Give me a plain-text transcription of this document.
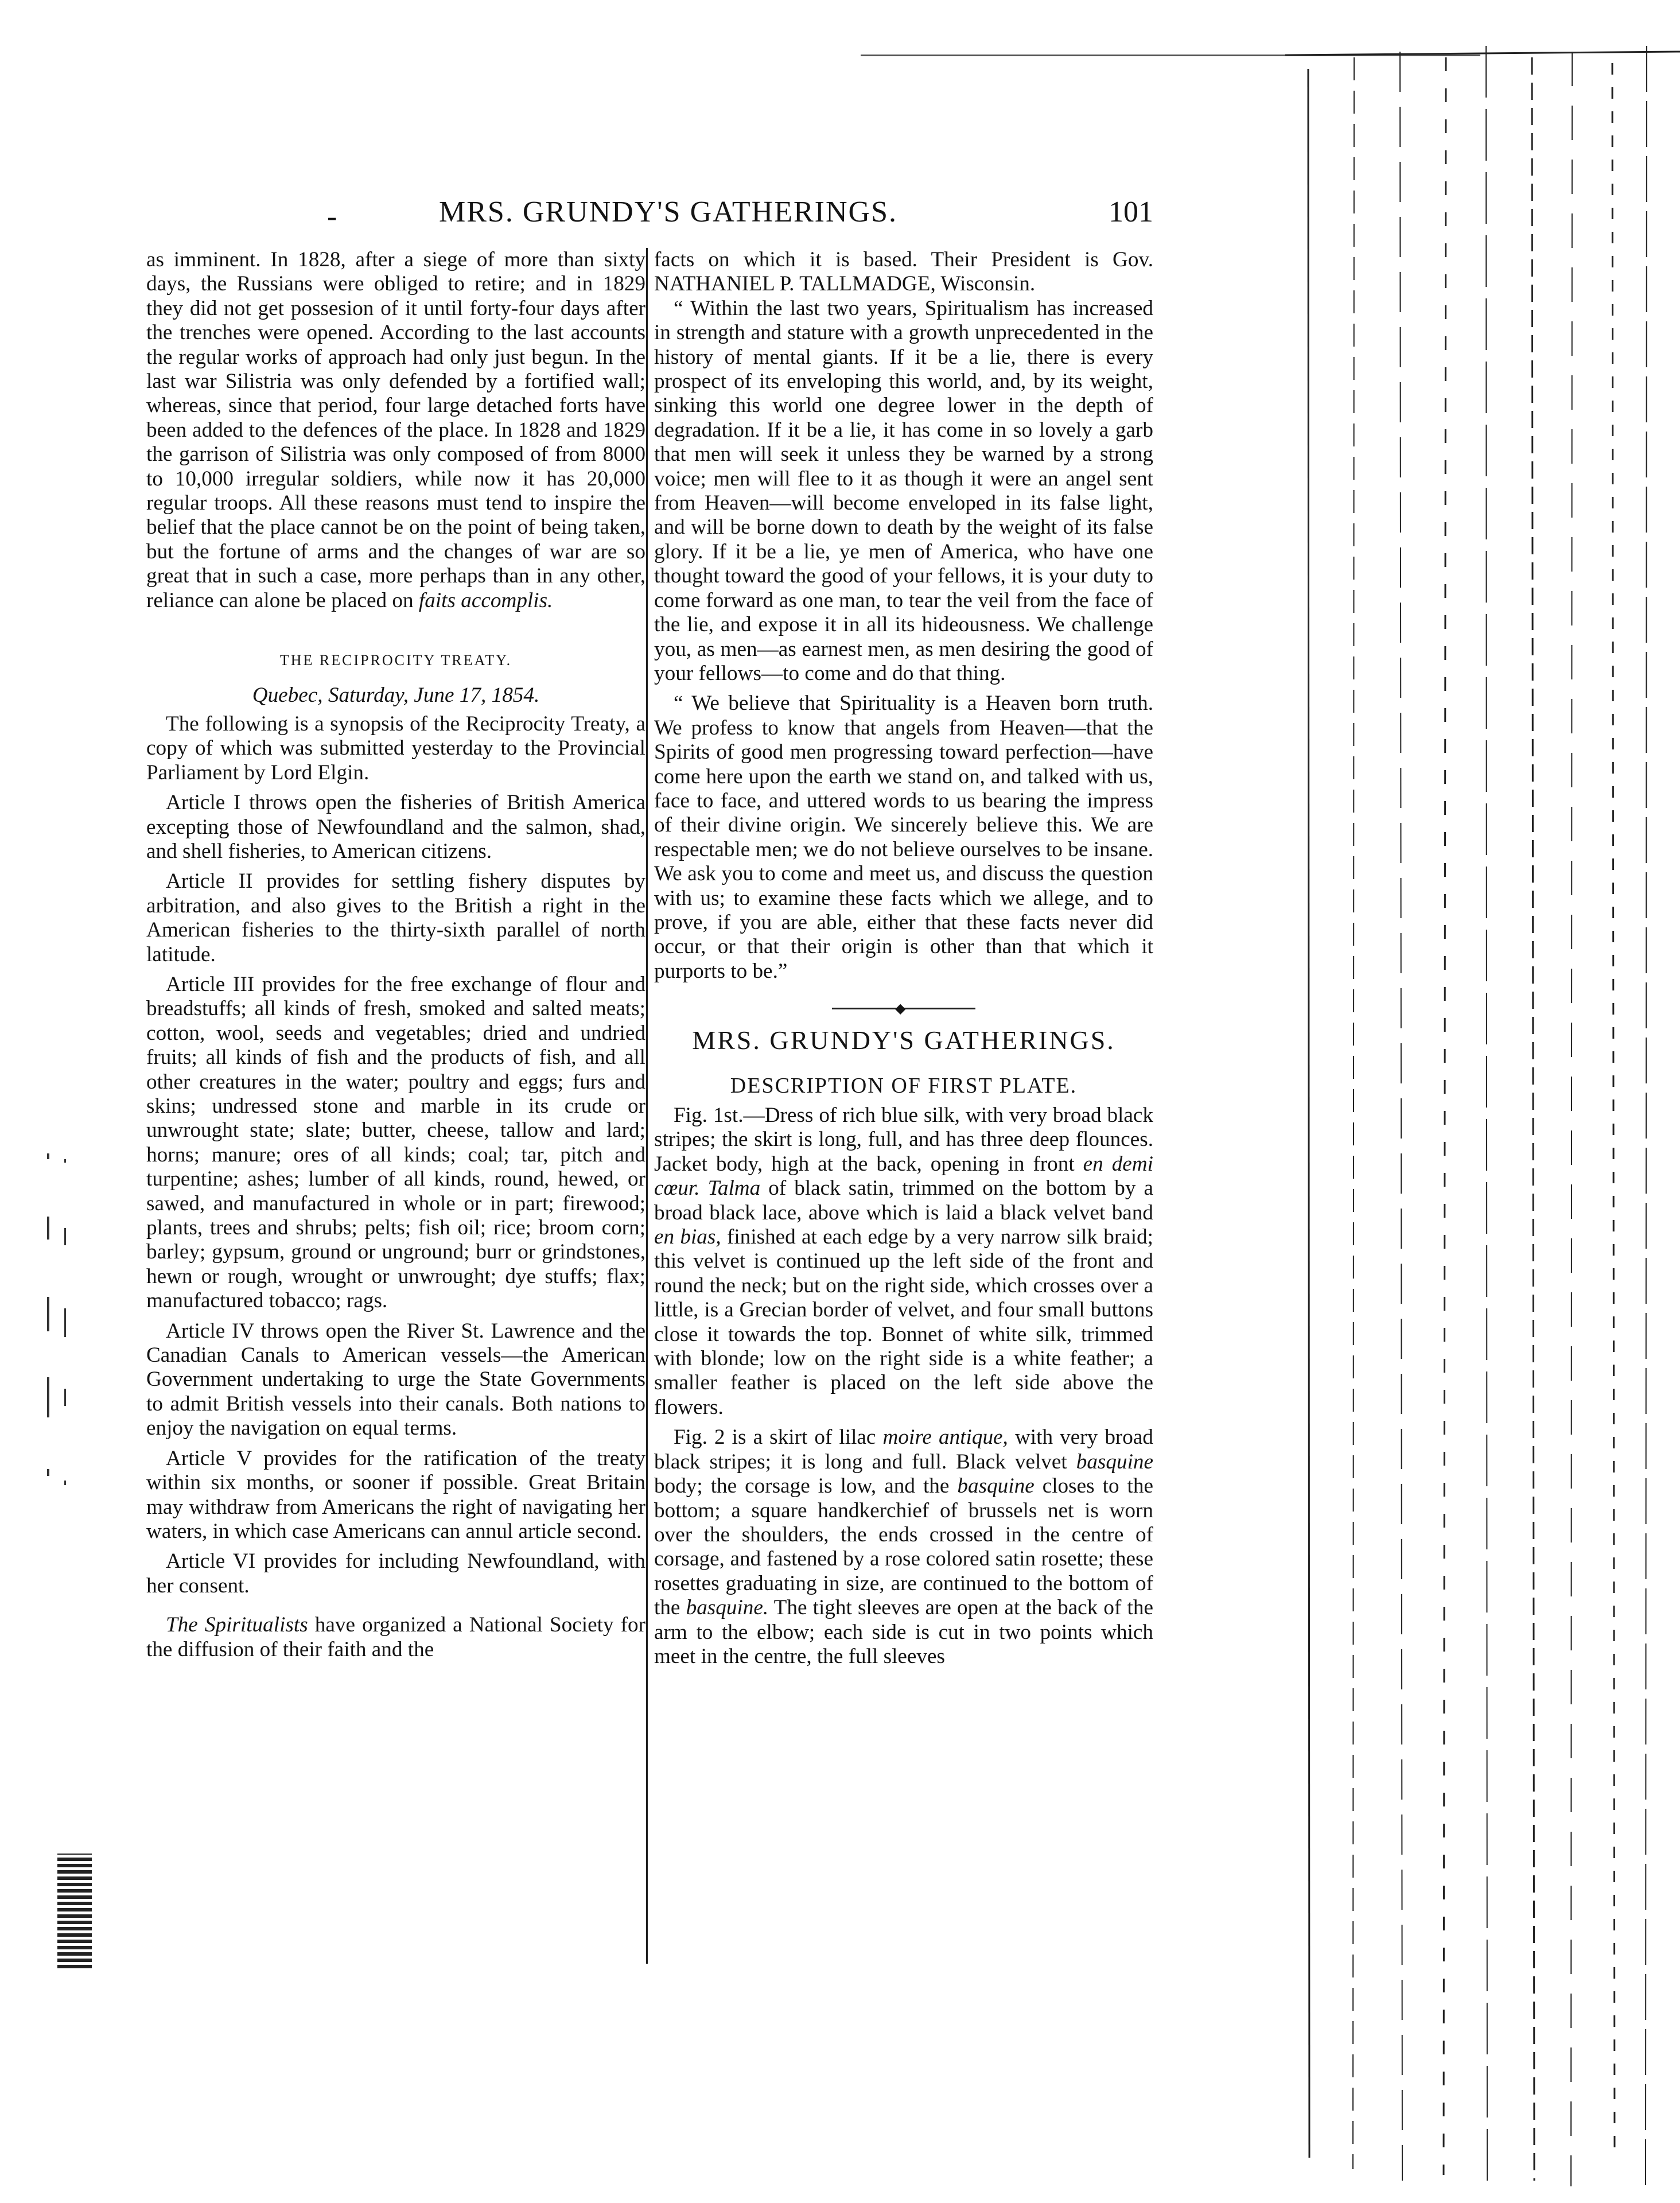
-	MRS. GRUNDY'S GATHERINGS.	101

as imminent. In 1828, after a siege of more than sixty days, the Russians were obliged to retire; and in 1829 they did not get possesion of it until forty-four days after the trenches were opened. According to the last accounts the regular works of approach had only just begun. In the last war Silistria was only defended by a fortified wall; whereas, since that period, four large detached forts have been added to the defences of the place. In 1828 and 1829 the garrison of Silistria was only composed of from 8000 to 10,000 irregular soldiers, while now it has 20,000 regular troops. All these reasons must tend to inspire the belief that the place cannot be on the point of being taken, but the fortune of arms and the changes of war are so great that in such a case, more perhaps than in any other, reliance can alone be placed on faits accomplis.

THE RECIPROCITY TREATY.
Quebec, Saturday, June 17, 1854.

The following is a synopsis of the Reciprocity Treaty, a copy of which was submitted yesterday to the Provincial Parliament by Lord Elgin.

Article I throws open the fisheries of British America excepting those of Newfoundland and the salmon, shad, and shell fisheries, to American citizens.

Article II provides for settling fishery disputes by arbitration, and also gives to the British a right in the American fisheries to the thirty-sixth parallel of north latitude.

Article III provides for the free exchange of flour and breadstuffs; all kinds of fresh, smoked and salted meats; cotton, wool, seeds and vegetables; dried and undried fruits; all kinds of fish and the products of fish, and all other creatures in the water; poultry and eggs; furs and skins; undressed stone and marble in its crude or unwrought state; slate; butter, cheese, tallow and lard; horns; manure; ores of all kinds; coal; tar, pitch and turpentine; ashes; lumber of all kinds, round, hewed, or sawed, and manufactured in whole or in part; firewood; plants, trees and shrubs; pelts; fish oil; rice; broom corn; barley; gypsum, ground or unground; burr or grindstones, hewn or rough, wrought or unwrought; dye stuffs; flax; manufactured tobacco; rags.

Article IV throws open the River St. Lawrence and the Canadian Canals to American vessels—the American Government undertaking to urge the State Governments to admit British vessels into their canals. Both nations to enjoy the navigation on equal terms.

Article V provides for the ratification of the treaty within six months, or sooner if possible. Great Britain may withdraw from Americans the right of navigating her waters, in which case Americans can annul article second.

Article VI provides for including Newfoundland, with her consent.

The Spiritualists have organized a National Society for the diffusion of their faith and the

facts on which it is based. Their President is Gov. NATHANIEL P. TALLMADGE, Wisconsin.

“ Within the last two years, Spiritualism has increased in strength and stature with a growth unprecedented in the history of mental giants. If it be a lie, there is every prospect of its enveloping this world, and, by its weight, sinking this world one degree lower in the depth of degradation. If it be a lie, it has come in so lovely a garb that men will seek it unless they be warned by a strong voice; men will flee to it as though it were an angel sent from Heaven—will become enveloped in its false light, and will be borne down to death by the weight of its false glory. If it be a lie, ye men of America, who have one thought toward the good of your fellows, it is your duty to come forward as one man, to tear the veil from the face of the lie, and expose it in all its hideousness. We challenge you, as men—as earnest men, as men desiring the good of your fellows—to come and do that thing.

“ We believe that Spirituality is a Heaven born truth. We profess to know that angels from Heaven—that the Spirits of good men progressing toward perfection—have come here upon the earth we stand on, and talked with us, face to face, and uttered words to us bearing the impress of their divine origin. We sincerely believe this. We are respectable men; we do not believe ourselves to be insane. We ask you to come and meet us, and discuss the question with us; to examine these facts which we allege, and to prove, if you are able, either that these facts never did occur, or that their origin is other than that which it purports to be.”

◆
MRS. GRUNDY'S GATHERINGS.
DESCRIPTION OF FIRST PLATE.

Fig. 1st.—Dress of rich blue silk, with very broad black stripes; the skirt is long, full, and has three deep flounces. Jacket body, high at the back, opening in front en demi cœur. Talma of black satin, trimmed on the bottom by a broad black lace, above which is laid a black velvet band en bias, finished at each edge by a very narrow silk braid; this velvet is continued up the left side of the front and round the neck; but on the right side, which crosses over a little, is a Grecian border of velvet, and four small buttons close it towards the top. Bonnet of white silk, trimmed with blonde; low on the right side is a white feather; a smaller feather is placed on the left side above the flowers.

Fig. 2 is a skirt of lilac moire antique, with very broad black stripes; it is long and full. Black velvet basquine body; the corsage is low, and the basquine closes to the bottom; a square handkerchief of brussels net is worn over the shoulders, the ends crossed in the centre of corsage, and fastened by a rose colored satin rosette; these rosettes graduating in size, are continued to the bottom of the basquine. The tight sleeves are open at the back of the arm to the elbow; each side is cut in two points which meet in the centre, the full sleeves
